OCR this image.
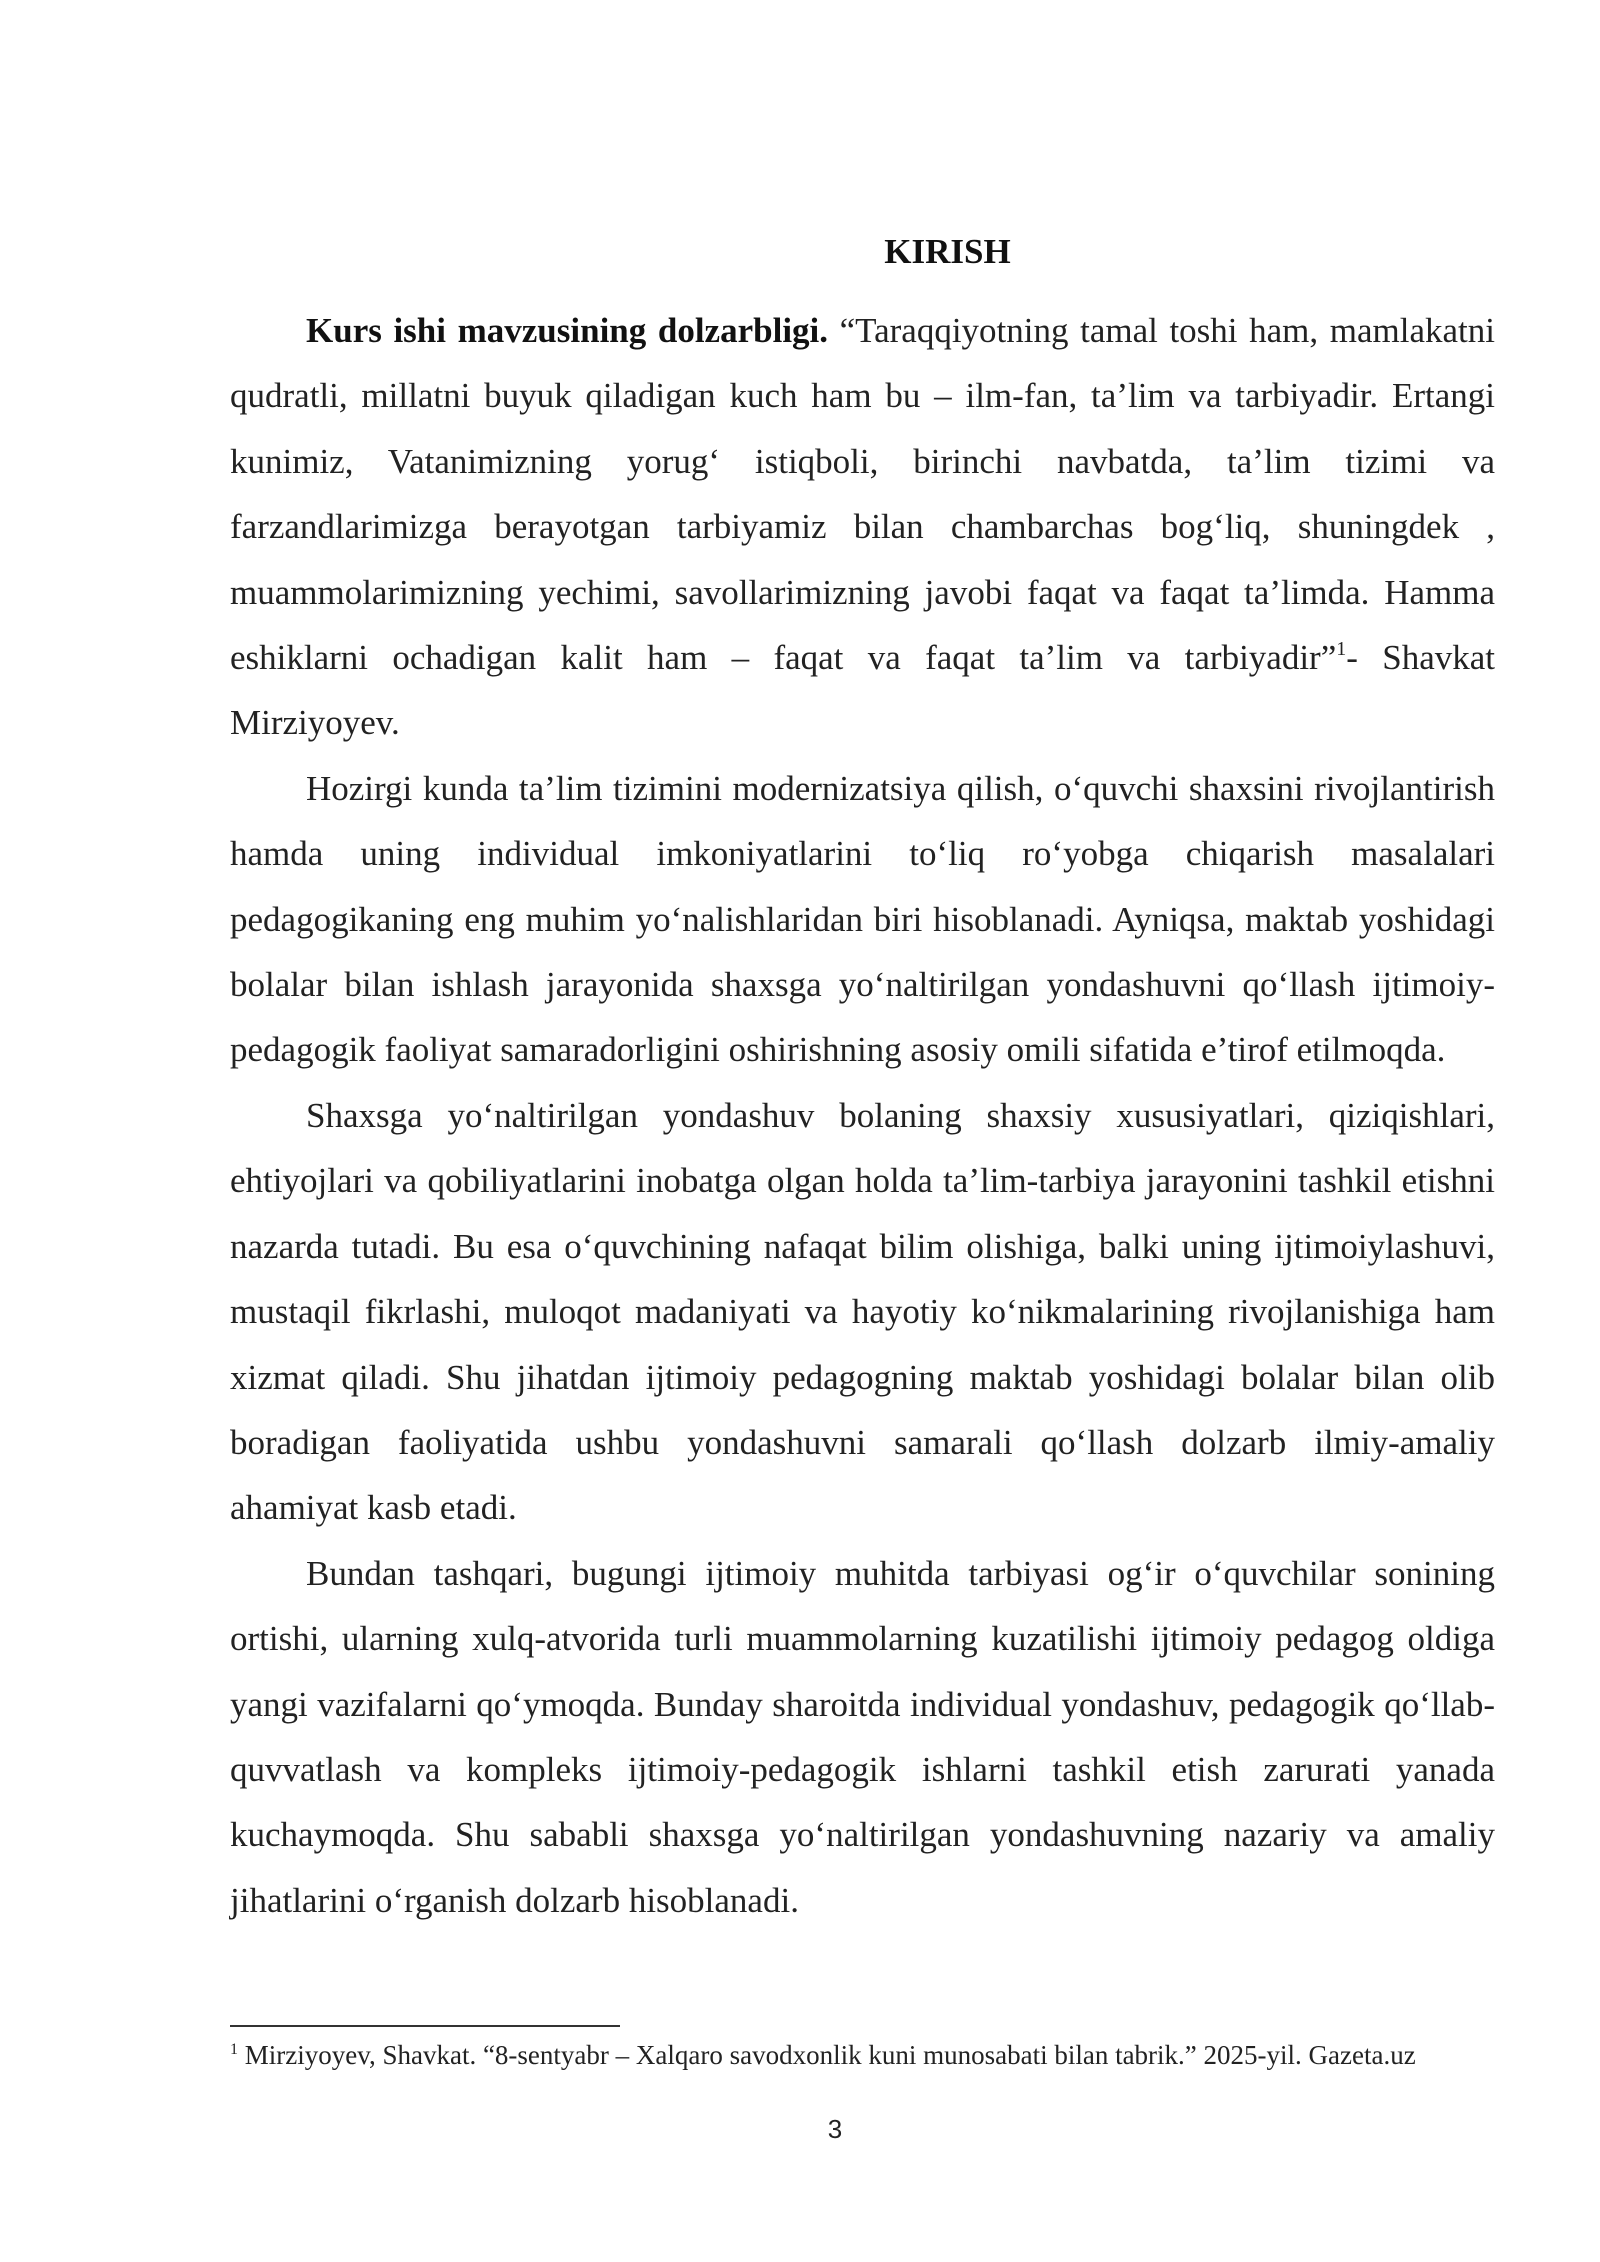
KIRISH

Kurs ishi mavzusining dolzarbligi. “Taraqqiyotning tamal toshi ham, mamlakatni qudratli, millatni buyuk qiladigan kuch ham bu – ilm-fan, ta’lim va tarbiyadir. Ertangi kunimiz, Vatanimizning yorug‘ istiqboli, birinchi navbatda, ta’lim tizimi va farzandlarimizga berayotgan tarbiyamiz bilan chambarchas bog‘liq, shuningdek , muammolarimizning yechimi, savollarimizning javobi faqat va faqat ta’limda. Hamma eshiklarni ochadigan kalit ham – faqat va faqat ta’lim va tarbiyadir”$^1$- Shavkat Mirziyoyev.

Hozirgi kunda ta’lim tizimini modernizatsiya qilish, o‘quvchi shaxsini rivojlantirish hamda uning individual imkoniyatlarini to‘liq ro‘yobga chiqarish masalalari pedagogikaning eng muhim yo‘nalishlaridan biri hisoblanadi. Ayniqsa, maktab yoshidagi bolalar bilan ishlash jarayonida shaxsga yo‘naltirilgan yondashuvni qo‘llash ijtimoiy-pedagogik faoliyat samaradorligini oshirishning asosiy omili sifatida e’tirof etilmoqda.

Shaxsga yo‘naltirilgan yondashuv bolaning shaxsiy xususiyatlari, qiziqishlari, ehtiyojlari va qobiliyatlarini inobatga olgan holda ta’lim-tarbiya jarayonini tashkil etishni nazarda tutadi. Bu esa o‘quvchining nafaqat bilim olishiga, balki uning ijtimoiylashuvi, mustaqil fikrlashi, muloqot madaniyati va hayotiy ko‘nikmalarining rivojlanishiga ham xizmat qiladi. Shu jihatdan ijtimoiy pedagogning maktab yoshidagi bolalar bilan olib boradigan faoliyatida ushbu yondashuvni samarali qo‘llash dolzarb ilmiy-amaliy ahamiyat kasb etadi.

Bundan tashqari, bugungi ijtimoiy muhitda tarbiyasi og‘ir o‘quvchilar sonining ortishi, ularning xulq-atvorida turli muammolarning kuzatilishi ijtimoiy pedagog oldiga yangi vazifalarni qo‘ymoqda. Bunday sharoitda individual yondashuv, pedagogik qo‘llab-quvvatlash va kompleks ijtimoiy-pedagogik ishlarni tashkil etish zarurati yanada kuchaymoqda. Shu sababli shaxsga yo‘naltirilgan yondashuvning nazariy va amaliy jihatlarini o‘rganish dolzarb hisoblanadi.

$^1$ Mirziyoyev, Shavkat. “8-sentyabr – Xalqaro savodxonlik kuni munosabati bilan tabrik.” 2025-yil. Gazeta.uz
3
